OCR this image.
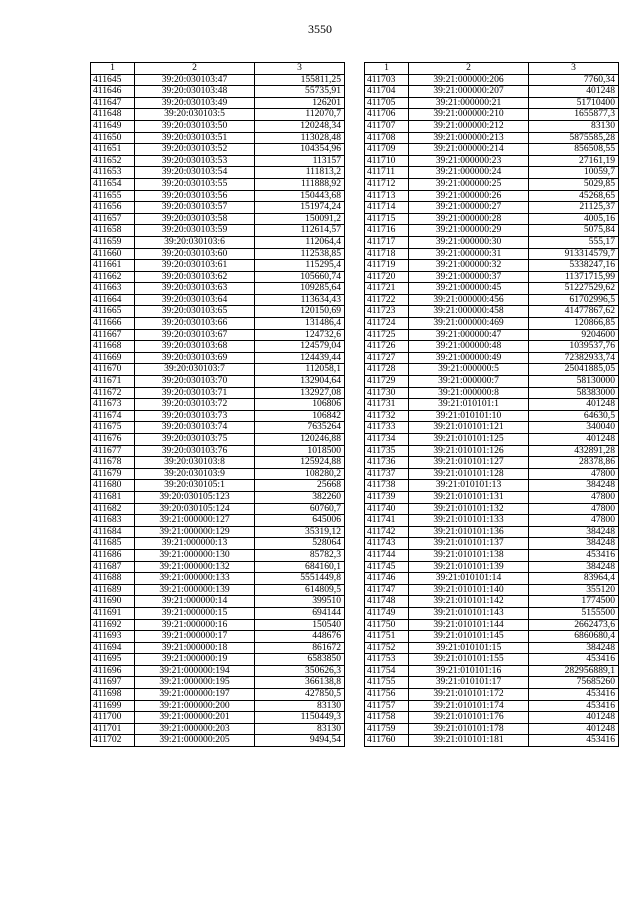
3550
1	2	3
411645	39:20:030103:47	155811,25
411646	39:20:030103:48	55735,91
411647	39:20:030103:49	126201
411648	39:20:030103:5	112070,7
411649	39:20:030103:50	120248,34
411650	39:20:030103:51	113028,48
411651	39:20:030103:52	104354,96
411652	39:20:030103:53	113157
411653	39:20:030103:54	111813,2
411654	39:20:030103:55	111888,92
411655	39:20:030103:56	150443,68
411656	39:20:030103:57	151974,24
411657	39:20:030103:58	150091,2
411658	39:20:030103:59	112614,57
411659	39:20:030103:6	112064,4
411660	39:20:030103:60	112538,85
411661	39:20:030103:61	115295,4
411662	39:20:030103:62	105660,74
411663	39:20:030103:63	109285,64
411664	39:20:030103:64	113634,43
411665	39:20:030103:65	120150,69
411666	39:20:030103:66	131486,4
411667	39:20:030103:67	124732,6
411668	39:20:030103:68	124579,04
411669	39:20:030103:69	124439,44
411670	39:20:030103:7	112058,1
411671	39:20:030103:70	132904,64
411672	39:20:030103:71	132927,08
411673	39:20:030103:72	106806
411674	39:20:030103:73	106842
411675	39:20:030103:74	7635264
411676	39:20:030103:75	120246,88
411677	39:20:030103:76	1018500
411678	39:20:030103:8	125924,88
411679	39:20:030103:9	108280,2
411680	39:20:030105:1	25668
411681	39:20:030105:123	382260
411682	39:20:030105:124	60760,7
411683	39:21:000000:127	645006
411684	39:21:000000:129	35319,12
411685	39:21:000000:13	528064
411686	39:21:000000:130	85782,3
411687	39:21:000000:132	684160,1
411688	39:21:000000:133	5551449,8
411689	39:21:000000:139	614809,5
411690	39:21:000000:14	399510
411691	39:21:000000:15	694144
411692	39:21:000000:16	150540
411693	39:21:000000:17	448676
411694	39:21:000000:18	861672
411695	39:21:000000:19	6583850
411696	39:21:000000:194	350626,3
411697	39:21:000000:195	366138,8
411698	39:21:000000:197	427850,5
411699	39:21:000000:200	83130
411700	39:21:000000:201	1150449,3
411701	39:21:000000:203	83130
411702	39:21:000000:205	9494,54
1	2	3
411703	39:21:000000:206	7760,34
411704	39:21:000000:207	401248
411705	39:21:000000:21	51710400
411706	39:21:000000:210	1655877,3
411707	39:21:000000:212	83130
411708	39:21:000000:213	5875585,28
411709	39:21:000000:214	856508,55
411710	39:21:000000:23	27161,19
411711	39:21:000000:24	10059,7
411712	39:21:000000:25	5029,85
411713	39:21:000000:26	45268,65
411714	39:21:000000:27	21125,37
411715	39:21:000000:28	4005,16
411716	39:21:000000:29	5075,84
411717	39:21:000000:30	555,17
411718	39:21:000000:31	913314579,7
411719	39:21:000000:32	5338247,16
411720	39:21:000000:37	11371715,99
411721	39:21:000000:45	51227529,62
411722	39:21:000000:456	61702996,5
411723	39:21:000000:458	41477867,62
411724	39:21:000000:469	120866,85
411725	39:21:000000:47	9204600
411726	39:21:000000:48	1039537,76
411727	39:21:000000:49	72382933,74
411728	39:21:000000:5	25041885,05
411729	39:21:000000:7	58130000
411730	39:21:000000:8	58383000
411731	39:21:010101:1	401248
411732	39:21:010101:10	64630,5
411733	39:21:010101:121	340040
411734	39:21:010101:125	401248
411735	39:21:010101:126	432891,28
411736	39:21:010101:127	28378,86
411737	39:21:010101:128	47800
411738	39:21:010101:13	384248
411739	39:21:010101:131	47800
411740	39:21:010101:132	47800
411741	39:21:010101:133	47800
411742	39:21:010101:136	384248
411743	39:21:010101:137	384248
411744	39:21:010101:138	453416
411745	39:21:010101:139	384248
411746	39:21:010101:14	83964,4
411747	39:21:010101:140	355120
411748	39:21:010101:142	1774500
411749	39:21:010101:143	5155500
411750	39:21:010101:144	2662473,6
411751	39:21:010101:145	6860680,4
411752	39:21:010101:15	384248
411753	39:21:010101:155	453416
411754	39:21:010101:16	282956889,1
411755	39:21:010101:17	75685260
411756	39:21:010101:172	453416
411757	39:21:010101:174	453416
411758	39:21:010101:176	401248
411759	39:21:010101:178	401248
411760	39:21:010101:181	453416
